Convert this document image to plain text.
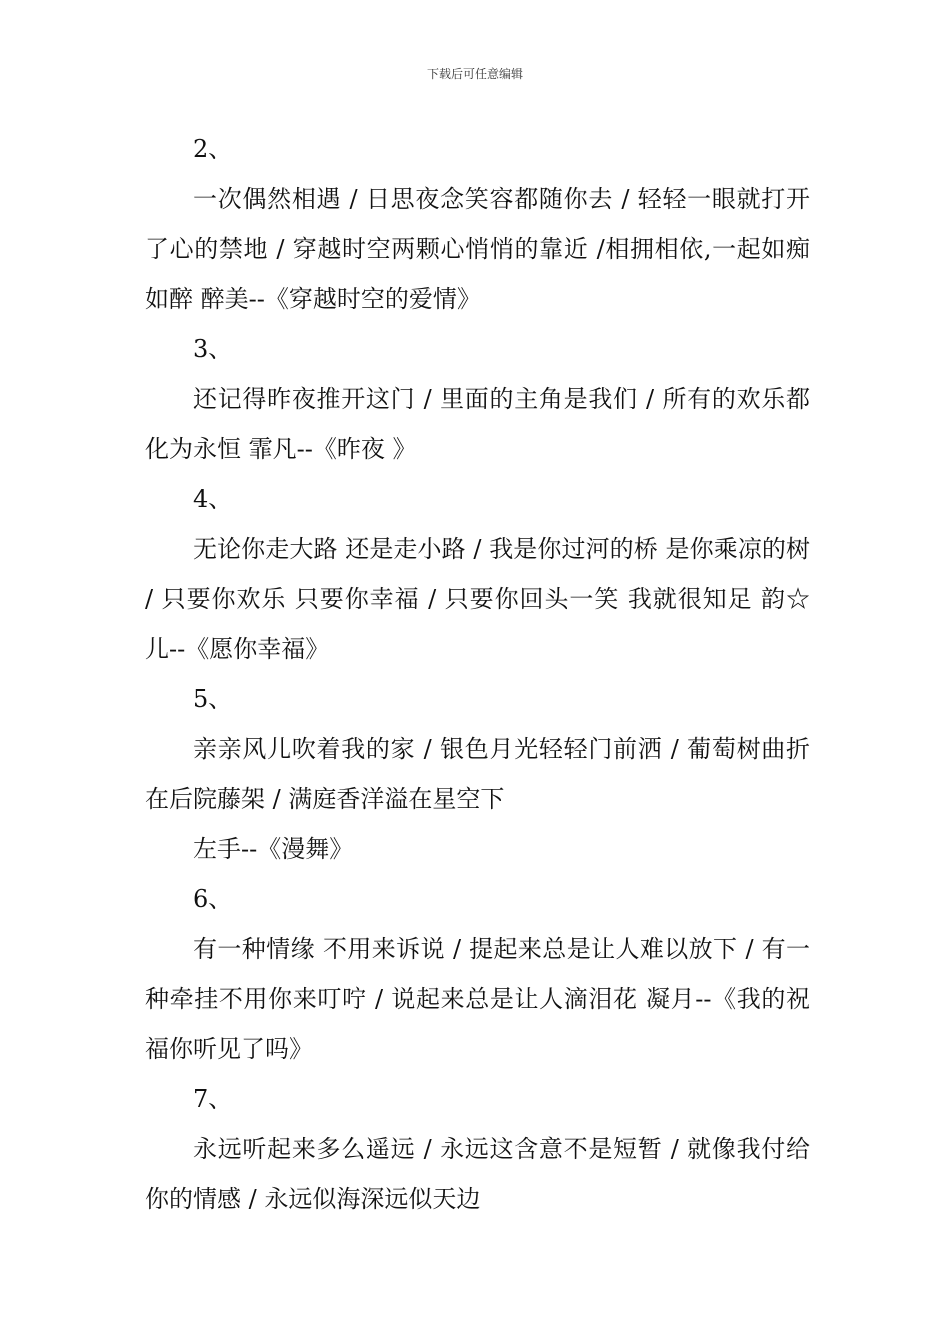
下载后可任意编辑

2、

一次偶然相遇 / 日思夜念笑容都随你去 / 轻轻一眼就打开了心的禁地 / 穿越时空两颗心悄悄的靠近 /相拥相依,一起如痴如醉 醉美--《穿越时空的爱情》

3、

还记得昨夜推开这门 / 里面的主角是我们 / 所有的欢乐都化为永恒 霏凡--《昨夜 》

4、

无论你走大路 还是走小路 / 我是你过河的桥 是你乘凉的树 / 只要你欢乐 只要你幸福 / 只要你回头一笑 我就很知足 韵☆儿--《愿你幸福》

5、

亲亲风儿吹着我的家 / 银色月光轻轻门前洒 / 葡萄树曲折在后院藤架 / 满庭香洋溢在星空下

左手--《漫舞》

6、

有一种情缘 不用来诉说 / 提起来总是让人难以放下 / 有一种牵挂不用你来叮咛 / 说起来总是让人滴泪花 凝月--《我的祝福你听见了吗》

7、

永远听起来多么遥远 / 永远这含意不是短暂 / 就像我付给你的情感 / 永远似海深远似天边
